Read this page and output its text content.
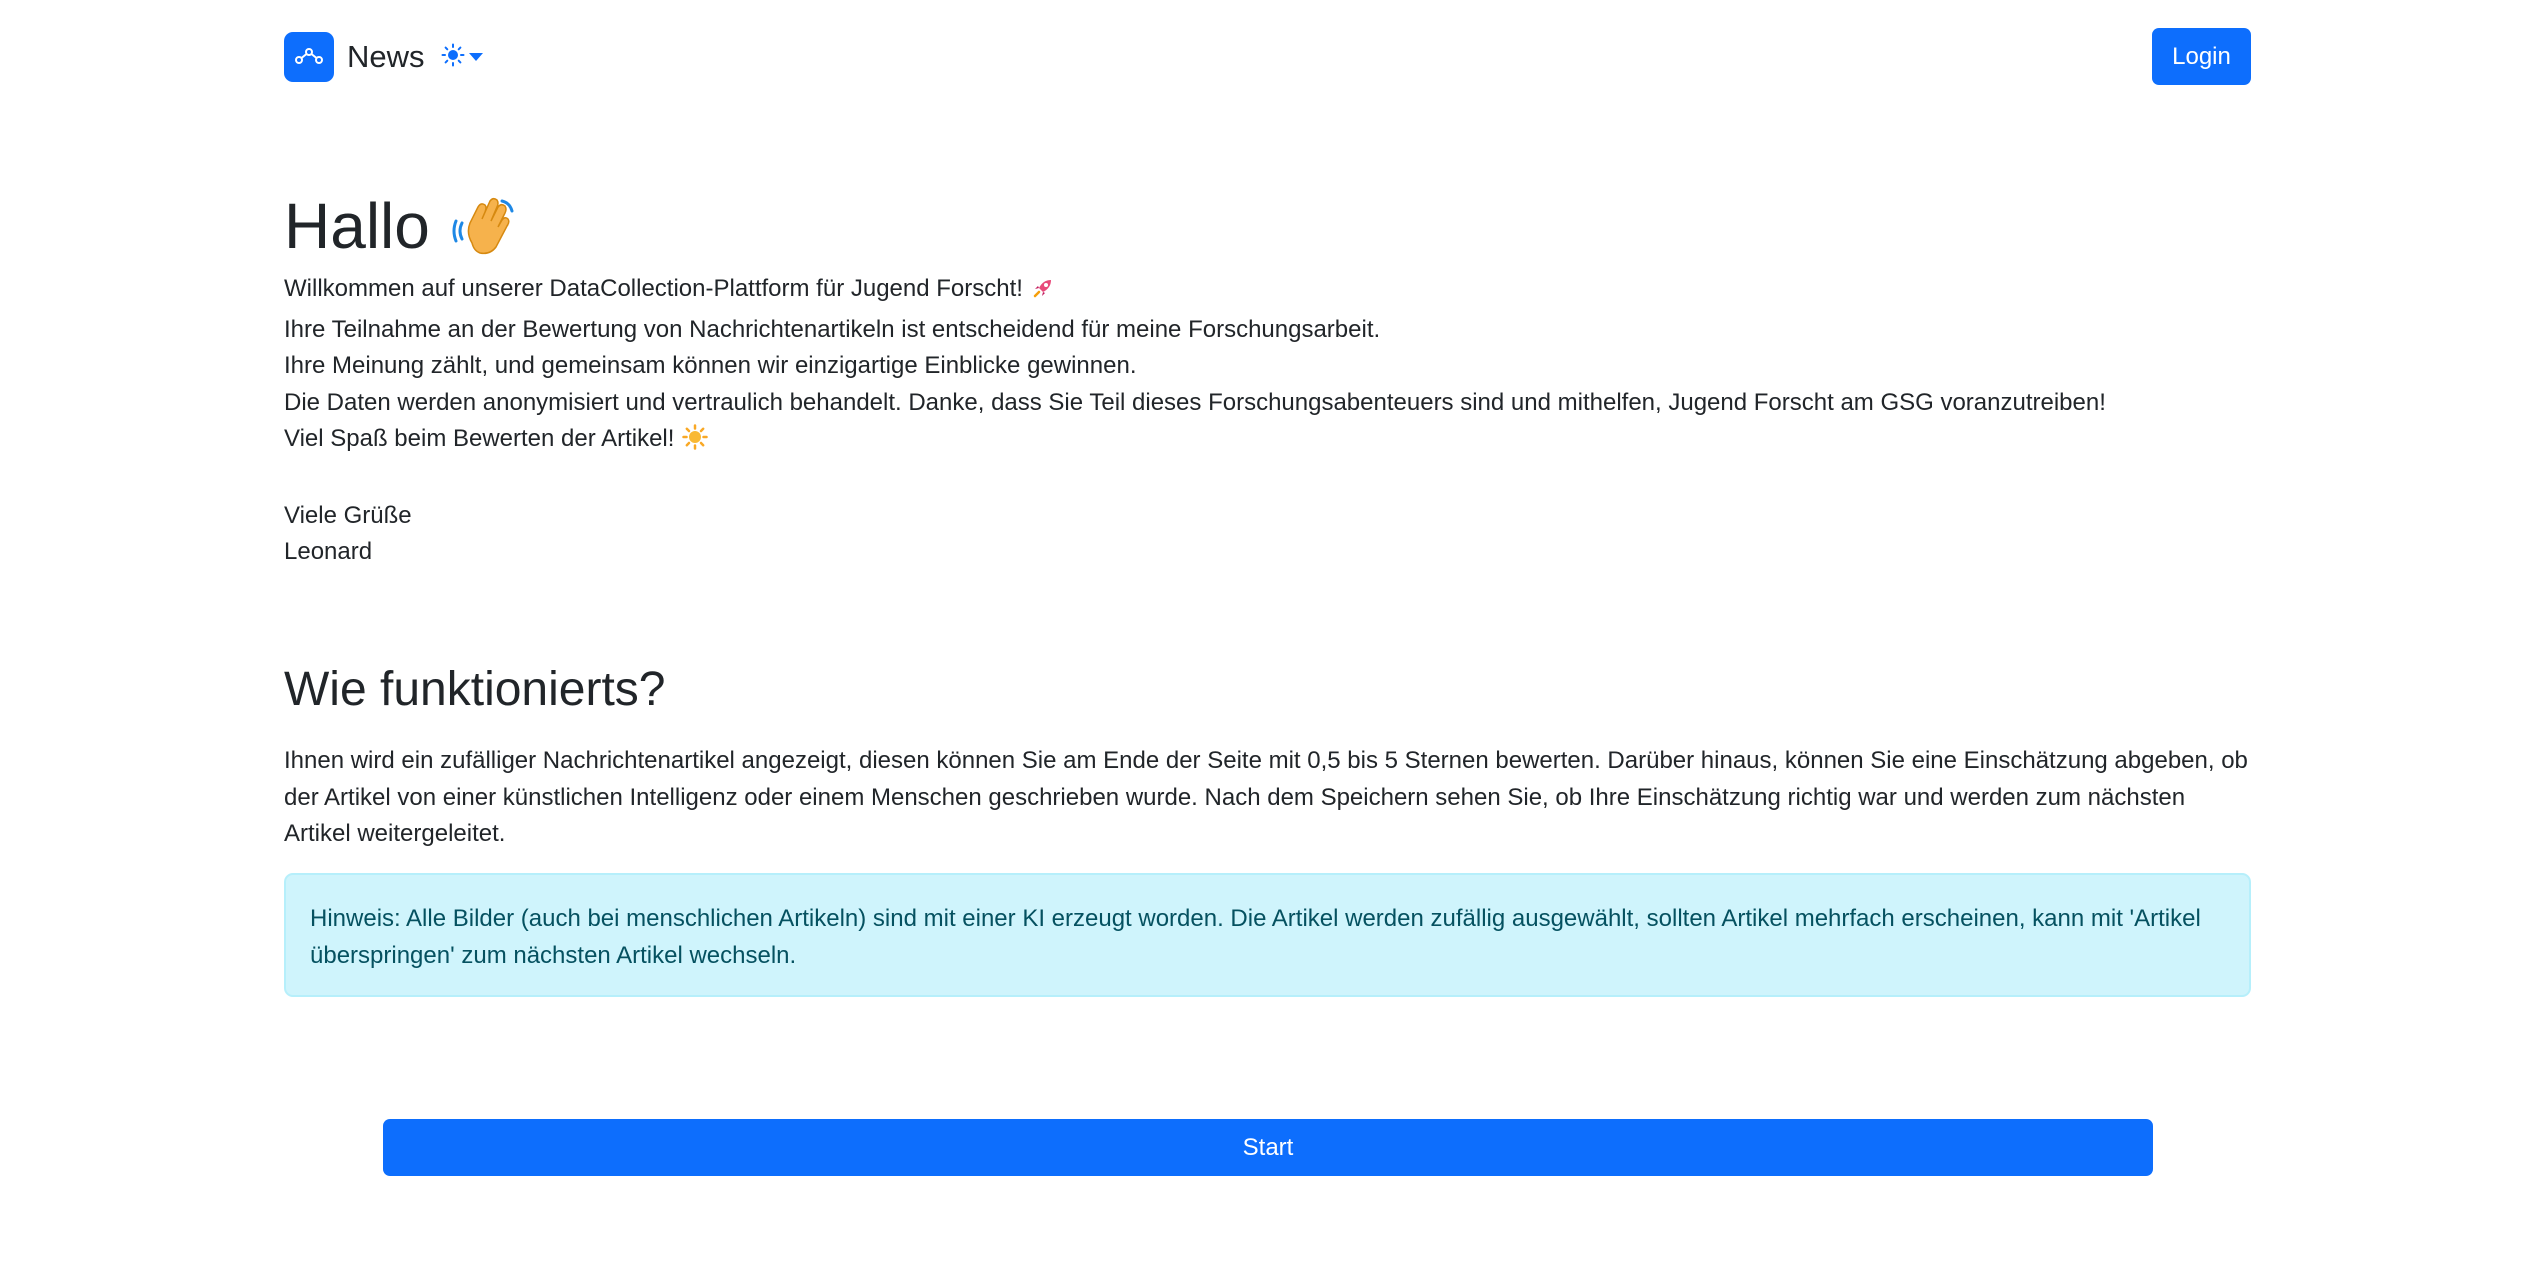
News	Login
Hallo

Willkommen auf unserer DataCollection-Plattform für Jugend Forscht!

Ihre Teilnahme an der Bewertung von Nachrichtenartikeln ist entscheidend für meine Forschungsarbeit.

Ihre Meinung zählt, und gemeinsam können wir einzigartige Einblicke gewinnen.

Die Daten werden anonymisiert und vertraulich behandelt. Danke, dass Sie Teil dieses Forschungsabenteuers sind und mithelfen, Jugend Forscht am GSG voranzutreiben!

Viel Spaß beim Bewerten der Artikel!

Viele Grüße

Leonard

Wie funktionierts?

Ihnen wird ein zufälliger Nachrichtenartikel angezeigt, diesen können Sie am Ende der Seite mit 0,5 bis 5 Sternen bewerten. Darüber hinaus, können Sie eine Einschätzung abgeben, ob der Artikel von einer künstlichen Intelligenz oder einem Menschen geschrieben wurde. Nach dem Speichern sehen Sie, ob Ihre Einschätzung richtig war und werden zum nächsten Artikel weitergeleitet.

Hinweis: Alle Bilder (auch bei menschlichen Artikeln) sind mit einer KI erzeugt worden. Die Artikel werden zufällig ausgewählt, sollten Artikel mehrfach erscheinen, kann mit 'Artikel überspringen' zum nächsten Artikel wechseln.
Start
